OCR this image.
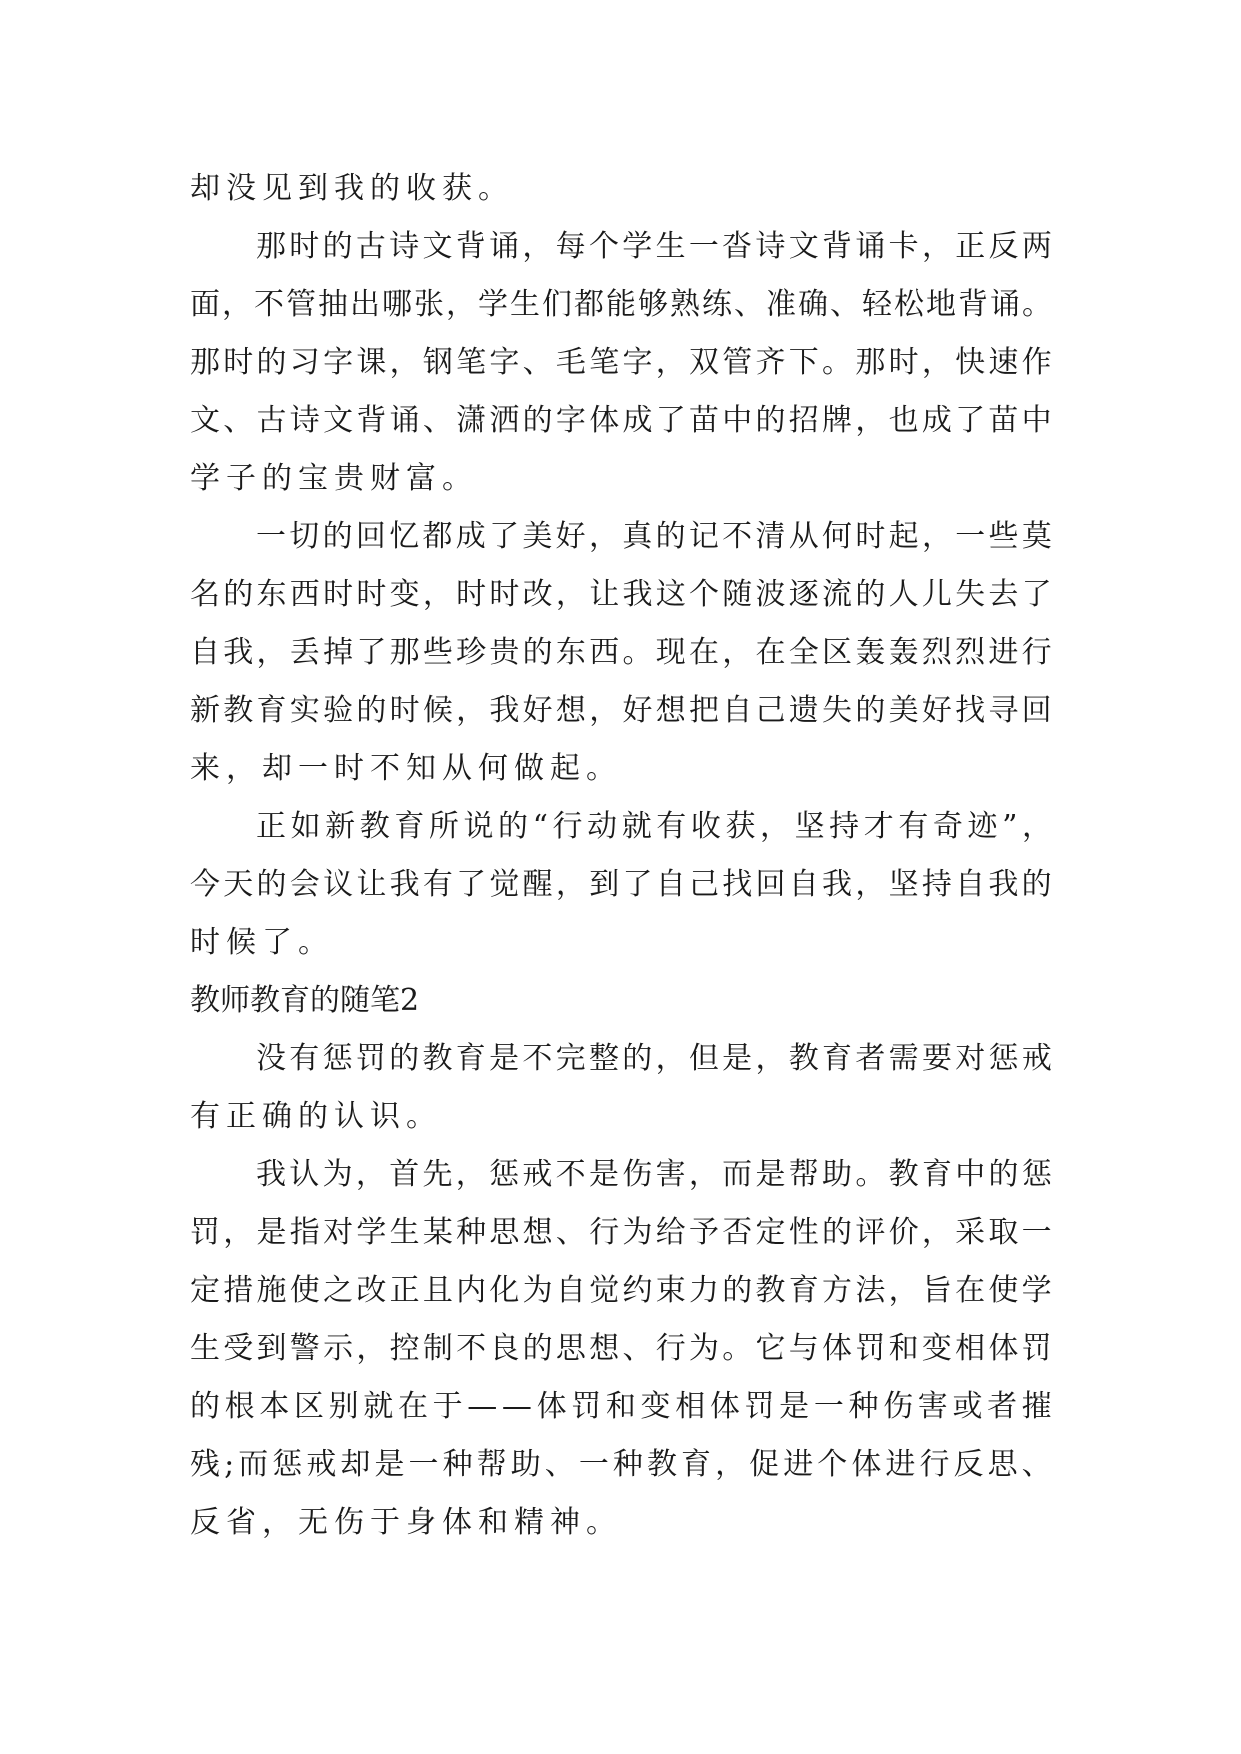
却没见到我的收获。
那 时 的 古 诗 文 背 诵 ， 每 个 学 生 一 沓 诗 文 背 诵 卡 ， 正 反 两
面 ， 不 管 抽 出 哪 张 ， 学 生 们 都 能 够 熟 练 、 准 确 、 轻 松 地 背 诵 。
那 时 的 习 字 课 ， 钢 笔 字 、 毛 笔 字 ， 双 管 齐 下 。 那 时 ， 快 速 作
文 、 古 诗 文 背 诵 、 潇 洒 的 字 体 成 了 苗 中 的 招 牌 ， 也 成 了 苗 中
学子的宝贵财富。
一 切 的 回 忆 都 成 了 美 好 ， 真 的 记 不 清 从 何 时 起 ， 一 些 莫
名 的 东 西 时 时 变 ， 时 时 改 ， 让 我 这 个 随 波 逐 流 的 人 儿 失 去 了
自 我 ， 丢 掉 了 那 些 珍 贵 的 东 西 。 现 在 ， 在 全 区 轰 轰 烈 烈 进 行
新 教 育 实 验 的 时 候 ， 我 好 想 ， 好 想 把 自 己 遗 失 的 美 好 找 寻 回
来，却一时不知从何做起。
正 如 新 教 育 所 说 的 “ 行 动 就 有 收 获 ， 坚 持 才 有 奇 迹 ” ，
今 天 的 会 议 让 我 有 了 觉 醒 ， 到 了 自 己 找 回 自 我 ， 坚 持 自 我 的
时候了。
教师教育的随笔2
没 有 惩 罚 的 教 育 是 不 完 整 的 ， 但 是 ， 教 育 者 需 要 对 惩 戒
有正确的认识。
我 认 为 ， 首 先 ， 惩 戒 不 是 伤 害 ， 而 是 帮 助 。 教 育 中 的 惩
罚 ， 是 指 对 学 生 某 种 思 想 、 行 为 给 予 否 定 性 的 评 价 ， 采 取 一
定 措 施 使 之 改 正 且 内 化 为 自 觉 约 束 力 的 教 育 方 法 ， 旨 在 使 学
生 受 到 警 示 ， 控 制 不 良 的 思 想 、 行 为 。 它 与 体 罚 和 变 相 体 罚
的 根 本 区 别 就 在 于 — — 体 罚 和 变 相 体 罚 是 一 种 伤 害 或 者 摧
残 ; 而 惩 戒 却 是 一 种 帮 助 、 一 种 教 育 ， 促 进 个 体 进 行 反 思 、
反省，无伤于身体和精神。
